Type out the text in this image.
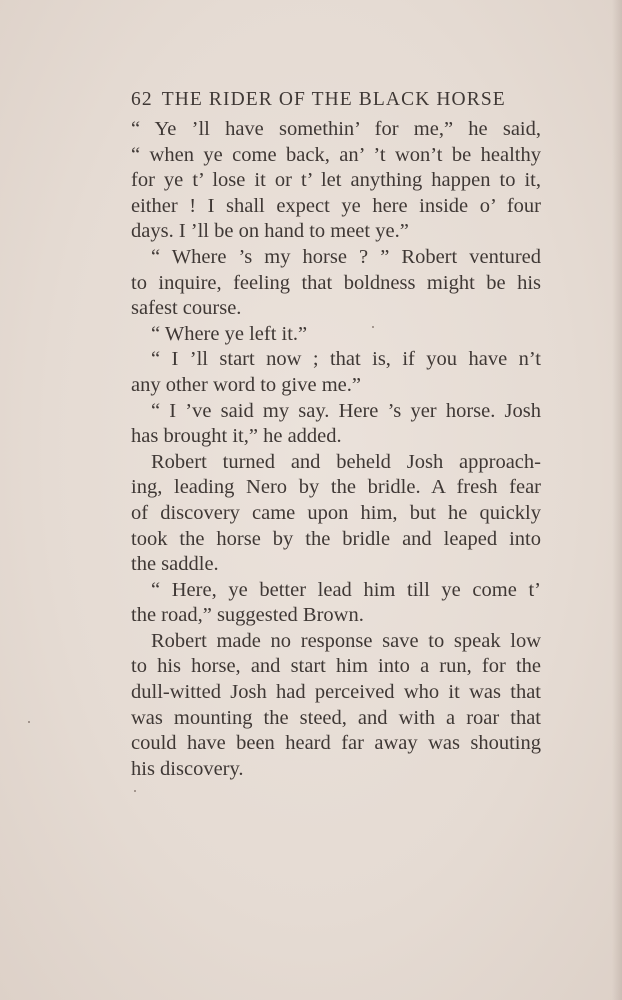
62 THE RIDER OF THE BLACK HORSE
“ Ye ’ll have somethin’ for me,” he said,
“ when ye come back, an’ ’t won’t be healthy
for ye t’ lose it or t’ let anything happen to it,
either ! I shall expect ye here inside o’ four
days. I ’ll be on hand to meet ye.”
“ Where ’s my horse ? ” Robert ventured
to inquire, feeling that boldness might be his
safest course.
“ Where ye left it.”
“ I ’ll start now ; that is, if you have n’t
any other word to give me.”
“ I ’ve said my say. Here ’s yer horse. Josh
has brought it,” he added.
Robert turned and beheld Josh approach-
ing, leading Nero by the bridle. A fresh fear
of discovery came upon him, but he quickly
took the horse by the bridle and leaped into
the saddle.
“ Here, ye better lead him till ye come t’
the road,” suggested Brown.
Robert made no response save to speak low
to his horse, and start him into a run, for the
dull-witted Josh had perceived who it was that
was mounting the steed, and with a roar that
could have been heard far away was shouting
his discovery.
